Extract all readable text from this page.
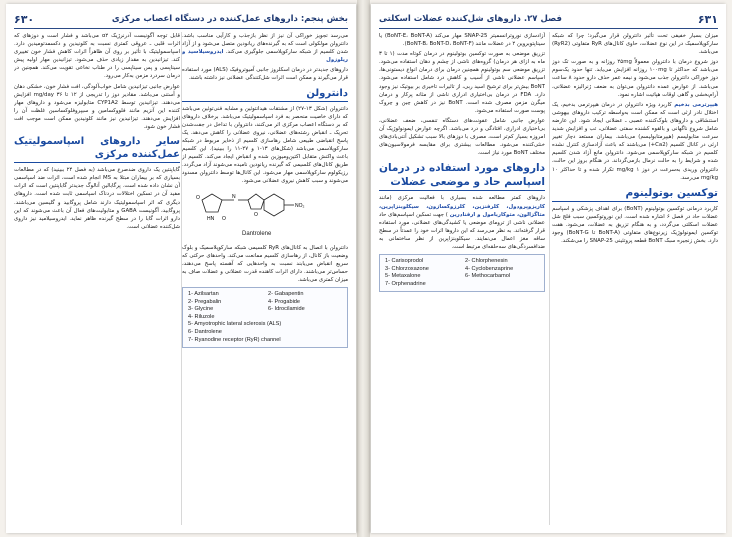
۶۳۰	بخش پنجم: داروهای عمل‌کننده در دستگاه اعصاب مرکزی

می‌رسد تجویز خوراکی آن نیز از نظر بازجذب و کارآیی مناسب باشد. دانترولن مولکولی است که به گیرنده‌های ریانودین متصل می‌شود و از آزاد شدن کلسیم از شبکه سارکوپلاسمی جلوگیری می‌کند. ایدروسیلاسید و ریلوزول

داروهای جدیدتر در درمان اسکلروز جانبی آمیوتروفیک (ALS) مورد استفاده قرار می‌گیرند و ممکن است اثرات شل‌کنندگی عضلانی نیز داشته باشند.

دانترولن

دانترولن (شکل ۱۳-۲۷) از مشتقات هیدانتوئین و مشابه فنی‌توئین می‌باشد که دارای خاصیت منحصر به فرد اسپاسمولیتیک می‌باشد. برخلاف داروهای که بر دستگاه اعصاب مرکزی اثر می‌کنند، دانترولن با تداخل در جفت‌شدن تحریک ـ انقباض رشته‌های عضلانی، نیروی عضلانی را کاهش می‌دهد. یک پاسخ انقباضی طبیعی شامل رهاسازی کلسیم از ذخایر مربوط در شبکه سارکوپلاسمی می‌باشد (شکل‌های ۱۳-۱ و ۲۷-۱۱ را ببینید). این کلسیم باعث واکنش متقابل اکتین‌ومیوزین شده و انقباض ایجاد می‌کند. کلسیم از طریق کانال‌های کلسیمی که گیرنده ریانودین نامیده می‌شوند آزاد می‌گردد. رزیکولوم سارکوپلاسمی مهار می‌شود. این کانال‌ها توسط دانترولن مسدود می‌شوند و سبب کاهش نیروی عضلانی می‌شود.

O
HN O
N
O
NO₂
Dantrolene

دانترولن با اتصال به کانال‌های RyR کلسیمی شبکه سارکوپلاسمیک و بلوک وضعیت باز کانال، از رهاسازی کلسیم ممانعت می‌کند. واحدهای حرکتی که سریع انقباض می‌یابند نسبت به واحدهایی که آهسته پاسخ می‌دهند، حساس‌تر می‌باشند. دارای اثرات کاهنده قدرت عضلانی و عضلات صاف به میزان کمتری می‌باشد.

1- Azilsartan	2- Gabapentin
2- Pregabalin	4- Progabide
3- Glycine	6- Idrocilamide
4- Riluzole
5- Amyotrophic lateral sclerosis (ALS)
6- Dantrolene
7- Ryanodine receptor (RyR) channel

قابل توجه آگونیست آدرنرژیک α۲ می‌باشد و فشار است و دوزهای که اثرات قلبی ـ عروقی کمتری نسبت به کلونیدین و دکسمدتومیدین دارد. اسپاسمولیتیک با تأثیر بر روی آن ظاهراً اثرات کاهش فشار خون تغییری کند. تیزانیدین به مقدار زیادی حذف می‌شود. تیزانیدین مهار اولیه پیش سیناپسی و پس سیناپسی را در طناب نخاعی تقویت می‌کند. همچنین در درمان سردرد مزمن به‌کار می‌رود.

عوارض جانبی تیزانیدین شامل خواب‌آلودگی، افت فشار خون، خشکی دهان و آستنی می‌باشد. مقادیر دوز را تدریجی از ۱۲ تا ۳۶ mg/day افزایش می‌دهند. تیزانیدین توسط CYP1A2 متابولیزه می‌شود و داروهای مهار کننده این آنزیم مانند فلووکسامین و سیپروفلوکساسین غلظت آن را افزایش می‌دهند. تیزانیدین نیز مانند کلونیدین ممکن است موجب افت فشار خون شود.

سایر داروهای اسپاسمولیتیک عمل‌کننده مرکزی

گاباپنتین یک داروی ضدصرع می‌باشد (به فصل ۲۴ ببینید) که در مطالعات بسیاری که بر بیماران مبتلا به MS انجام شده است، اثرات ضد اسپاسمی آن نشان داده شده است. پرگابالین آنالوگ جدیدتر گاباپنتین است که اثرات مفید آن در تسکین اختلالات دردناک اسپاسمی ثابت شده است. داروهای دیگری که اثر اسپاسمولیتیک دارند شامل پروگابید و گلیسین می‌باشند. پروگابید، آگونیست GABA و متابولیت‌های فعال آن باعث می‌شوند که این دارو اثرات گابا را در سطح گیرنده ظاهر نماید. ایدروسیلامید نیز داروی شل‌کننده عضلانی است.

فصل ۲۷. داروهای شل‌کننده عضلات اسکلتی	۶۳۱

میزان بسیار خفیفی تحت تأثیر دانترولن قرار می‌گیرد؛ چرا که شبکه سارکوپلاسمیک در این نوع عضلات، حاوی کانال‌های RyR متفاوتی (RyR2) می‌باشد.

دوز شروع درمان با دانترولن معمولاً ۲۵mg روزانه و به صورت تک دوز می‌باشد که حداکثر تا ۱۰۰mg روزانه افزایش می‌یابد. تنها حدود یک‌سوم دوز خوراکی دانترولن جذب می‌شود و نیمه عمر حذف دارو حدود ۸ ساعت می‌باشد. از عوارض عمده دانترولن می‌توان به ضعف ژنرالیزه عضلانی، آرام‌بخشی و گاهی اوقات هپاتیت اشاره نمود.

هیپرترمی بدخیم کاربرد ویژه دانترولن در درمان هیپرترمی بدخیم، یک اختلال نادر ارثی است که ممکن است به‌واسطه ترکیب داروهای بیهوشی استنشاقی و داروهای بلوک‌کننده عصبی ـ عضلانی ایجاد شود. این عارضه شامل شروع ناگهانی و بالقوه کشنده سفتی عضلانی، تب و افزایش شدید سرعت متابولیسم (هیپرمتابولیسم) می‌باشد. بیماران مستعد دچار تغییر ارثی در کانال کلسیم (Ca2+) می‌باشند که باعث آزادسازی کنترل نشده کلسیم در شبکه سارکوپلاسمی می‌شود. دانترولن مانع آزاد شدن کلسیم شده و شرایط را به حالت نرمال بازمی‌گرداند. در هنگام بروز این حالت، دانترولن وریدی به‌سرعت در دوز ۱ mg/kg تکرار شده و تا حداکثر ۱۰ mg/kg می‌رسد.

توکسین بوتولینوم

کاربرد درمانی توکسین بوتولینوم (BoNT) برای اهداف پزشکی و اسپاسم عضلات حاد در فصل ۶ اشاره شده است. این نوروتوکسین سبب فلج شل عضلات اسکلتی می‌گردد، و به هنگام تزریق به عضلات، می‌شود. هفت توکسین ایمونولوژیک زیرنوع‌های متفاوتی (BoNT-A تا BoNT-G) وجود دارد. بخش زنجیره سبک BoNT قطعه پروتئینی SNAP-25 را می‌شکند.

آزادسازی نوروترانسمیتر SNAP-25 مهار می‌کند (BoNT-E، BoNT-A) یا سیناپتوبروین ۲ در عضلات مانند (BoNT-B، BoNT-D، BoNT-F).

تزریق موضعی به صورت توکسین بوتولینوم در درمان کوتاه مدت (۱ تا ۳ ماه به ازای هر درمان) گروه‌های ناشی از چشم و دهان استفاده می‌شود. تزریق موضعی سم بوتولینوم همچنین درمان برای درمان انواع دیستونی‌ها، اسپاسم عضلانی ناشی از آسیب و کاهش درد شامل استفاده می‌شود. BoNT بیش‌تر برای ترشیح اسید ربی، از تاثیرات تاخیری بر بیوتیک نیز وجود دارد. FDA در درمان بی‌اختیاری ادراری ناشی از مثانه پرکار و درمان میگرن مزمن مصرف شده است. BoNT نیز در کاهش چین و چروک پوست صورت استفاده می‌شود.

عوارض جانبی شامل عفونت‌های دستگاه تنفسی، ضعف عضلانی، بی‌اختیاری ادراری، افتادگی و درد می‌باشد. اگرچه عوارض ایمونولوژیک آن امروزه بسیار کم‌تر است، مصرف با دوزهای بالا سبب تشکیل آنتی‌بادی‌های خنثی‌کننده می‌شود. مطالعات بیشتری برای مقایسه فرمولاسیون‌های مختلف BoNT مورد نیاز است.

داروهای مورد استفاده در درمان اسپاسم حاد و موضعی عضلات

داروهای کمتر مطالعه شده بسیاری با فعالیت مرکزی (مانند کاریزوپرودول، کلرفنزین، کلرزوکسازون، سیکلوبنزاپرین، متاگزالون، متوکاربامول و ارفنادرین ) جهت تسکین اسپاسم‌های حاد عضلانی ناشی از ترومای موضعی یا کشیدگی‌های عضلانی، مورد استفاده قرار گرفته‌اند. به نظر می‌رسد که این داروها اثرات خود را عمدتاً در سطح ساقه مغز اعمال می‌نمایند. سیکلوبنزاپرین از نظر ساختمانی به ضدافسردگی‌های سه‌حلقه‌ای مرتبط است.

1- Carisoprodol	2- Chlorphenesin
3- Chlorzoxazone	4- Cyclobenzaprine
5- Metaxalone	6- Methocarbamol
7- Orphenadrine
